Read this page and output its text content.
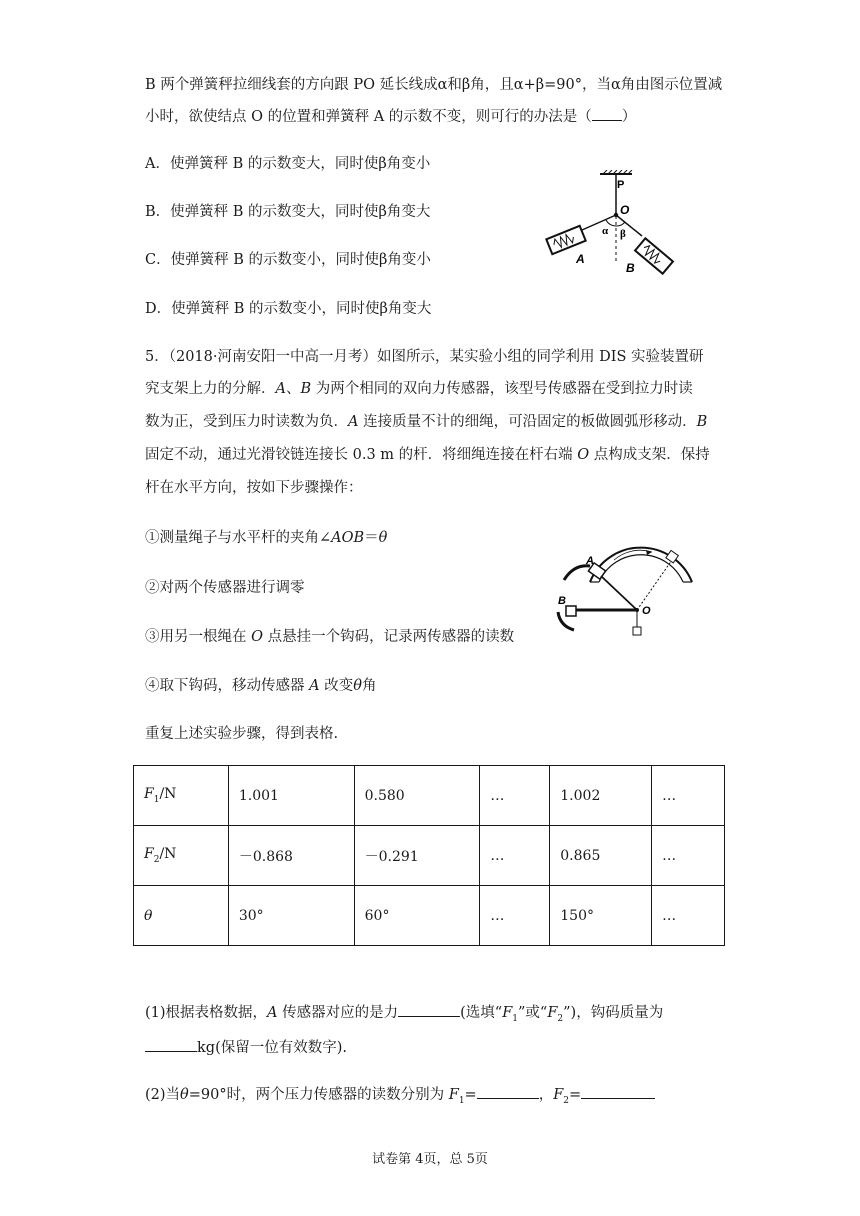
B 两个弹簧秤拉细线套的方向跟 PO 延长线成α和β角，且α+β=90°，当α角由图示位置减
小时，欲使结点 O 的位置和弹簧秤 A 的示数不变，则可行的办法是（ ）
A．使弹簧秤 B 的示数变大，同时使β角变小
B．使弹簧秤 B 的示数变大，同时使β角变大
C．使弹簧秤 B 的示数变小，同时使β角变小
D．使弹簧秤 B 的示数变小，同时使β角变大
P
O
α β
A
B
5．（2018·河南安阳一中高一月考）如图所示，某实验小组的同学利用 DIS 实验装置研
究支架上力的分解．A、B 为两个相同的双向力传感器，该型号传感器在受到拉力时读
数为正，受到压力时读数为负．A 连接质量不计的细绳，可沿固定的板做圆弧形移动．B
固定不动，通过光滑铰链连接长 0.3 m 的杆．将细绳连接在杆右端 O 点构成支架．保持
杆在水平方向，按如下步骤操作：
①测量绳子与水平杆的夹角∠AOB＝θ
②对两个传感器进行调零
③用另一根绳在 O 点悬挂一个钩码，记录两传感器的读数
④取下钩码，移动传感器 A 改变θ角
重复上述实验步骤，得到表格.
A
B
O
$F_1/N$	1.001	0.580	…	1.002	…
$F_2/N$	－0.868	－0.291	…	0.865	…
θ	30°	60°	…	150°	…
(1)根据表格数据，A 传感器对应的是力	(选填“$F_1$”或“$F_2$”)，钩码质量为
kg(保留一位有效数字).
(2)当θ=90°时，两个压力传感器的读数分别为 $F_1=$	，$F_2=$
试卷第 4页，总 5页
